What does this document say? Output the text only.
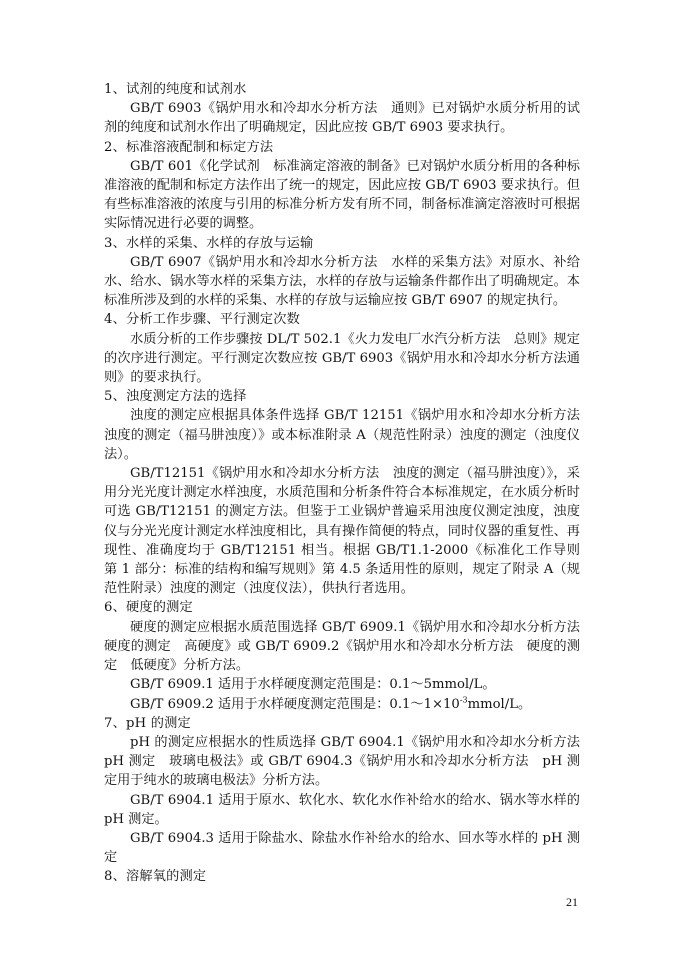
1、试剂的纯度和试剂水

GB/T 6903《锅炉用水和冷却水分析方法　通则》已对锅炉水质分析用的试剂的纯度和试剂水作出了明确规定，因此应按 GB/T 6903 要求执行。

2、标准溶液配制和标定方法

GB/T 601《化学试剂　标准滴定溶液的制备》已对锅炉水质分析用的各种标准溶液的配制和标定方法作出了统一的规定，因此应按 GB/T 6903 要求执行。但有些标准溶液的浓度与引用的标准分析方发有所不同，制备标准滴定溶液时可根据实际情况进行必要的调整。

3、水样的采集、水样的存放与运输

GB/T 6907《锅炉用水和冷却水分析方法　水样的采集方法》对原水、补给水、给水、锅水等水样的采集方法，水样的存放与运输条件都作出了明确规定。本标准所涉及到的水样的采集、水样的存放与运输应按 GB/T 6907 的规定执行。

4、分析工作步骤、平行测定次数

水质分析的工作步骤按 DL/T 502.1《火力发电厂水汽分析方法　总则》规定的次序进行测定。平行测定次数应按 GB/T 6903《锅炉用水和冷却水分析方法通则》的要求执行。

5、浊度测定方法的选择

浊度的测定应根据具体条件选择 GB/T 12151《锅炉用水和冷却水分析方法浊度的测定（福马肼浊度）》或本标准附录 A（规范性附录）浊度的测定（浊度仪法）。

GB/T12151《锅炉用水和冷却水分析方法　浊度的测定（福马肼浊度）》，采用分光光度计测定水样浊度，水质范围和分析条件符合本标准规定，在水质分析时可选 GB/T12151 的测定方法。但鉴于工业锅炉普遍采用浊度仪测定浊度，浊度仪与分光光度计测定水样浊度相比，具有操作简便的特点，同时仪器的重复性、再现性、准确度均于 GB/T12151 相当。根据 GB/T1.1-2000《标准化工作导则　第 1 部分：标准的结构和编写规则》第 4.5 条适用性的原则，规定了附录 A（规范性附录）浊度的测定（浊度仪法），供执行者选用。

6、硬度的测定

硬度的测定应根据水质范围选择 GB/T 6909.1《锅炉用水和冷却水分析方法硬度的测定　高硬度》或 GB/T 6909.2《锅炉用水和冷却水分析方法　硬度的测定　低硬度》分析方法。

GB/T 6909.1 适用于水样硬度测定范围是：0.1～5mmol/L。

GB/T 6909.2 适用于水样硬度测定范围是：$0.1\sim 1\times 10^{-3}mmol/L$。

7、pH 的测定

pH 的测定应根据水的性质选择 GB/T 6904.1《锅炉用水和冷却水分析方法 pH 测定　玻璃电极法》或 GB/T 6904.3《锅炉用水和冷却水分析方法　pH 测定用于纯水的玻璃电极法》分析方法。

GB/T 6904.1 适用于原水、软化水、软化水作补给水的给水、锅水等水样的 pH 测定。

GB/T 6904.3 适用于除盐水、除盐水作补给水的给水、回水等水样的 pH 测定

8、溶解氧的测定

21
